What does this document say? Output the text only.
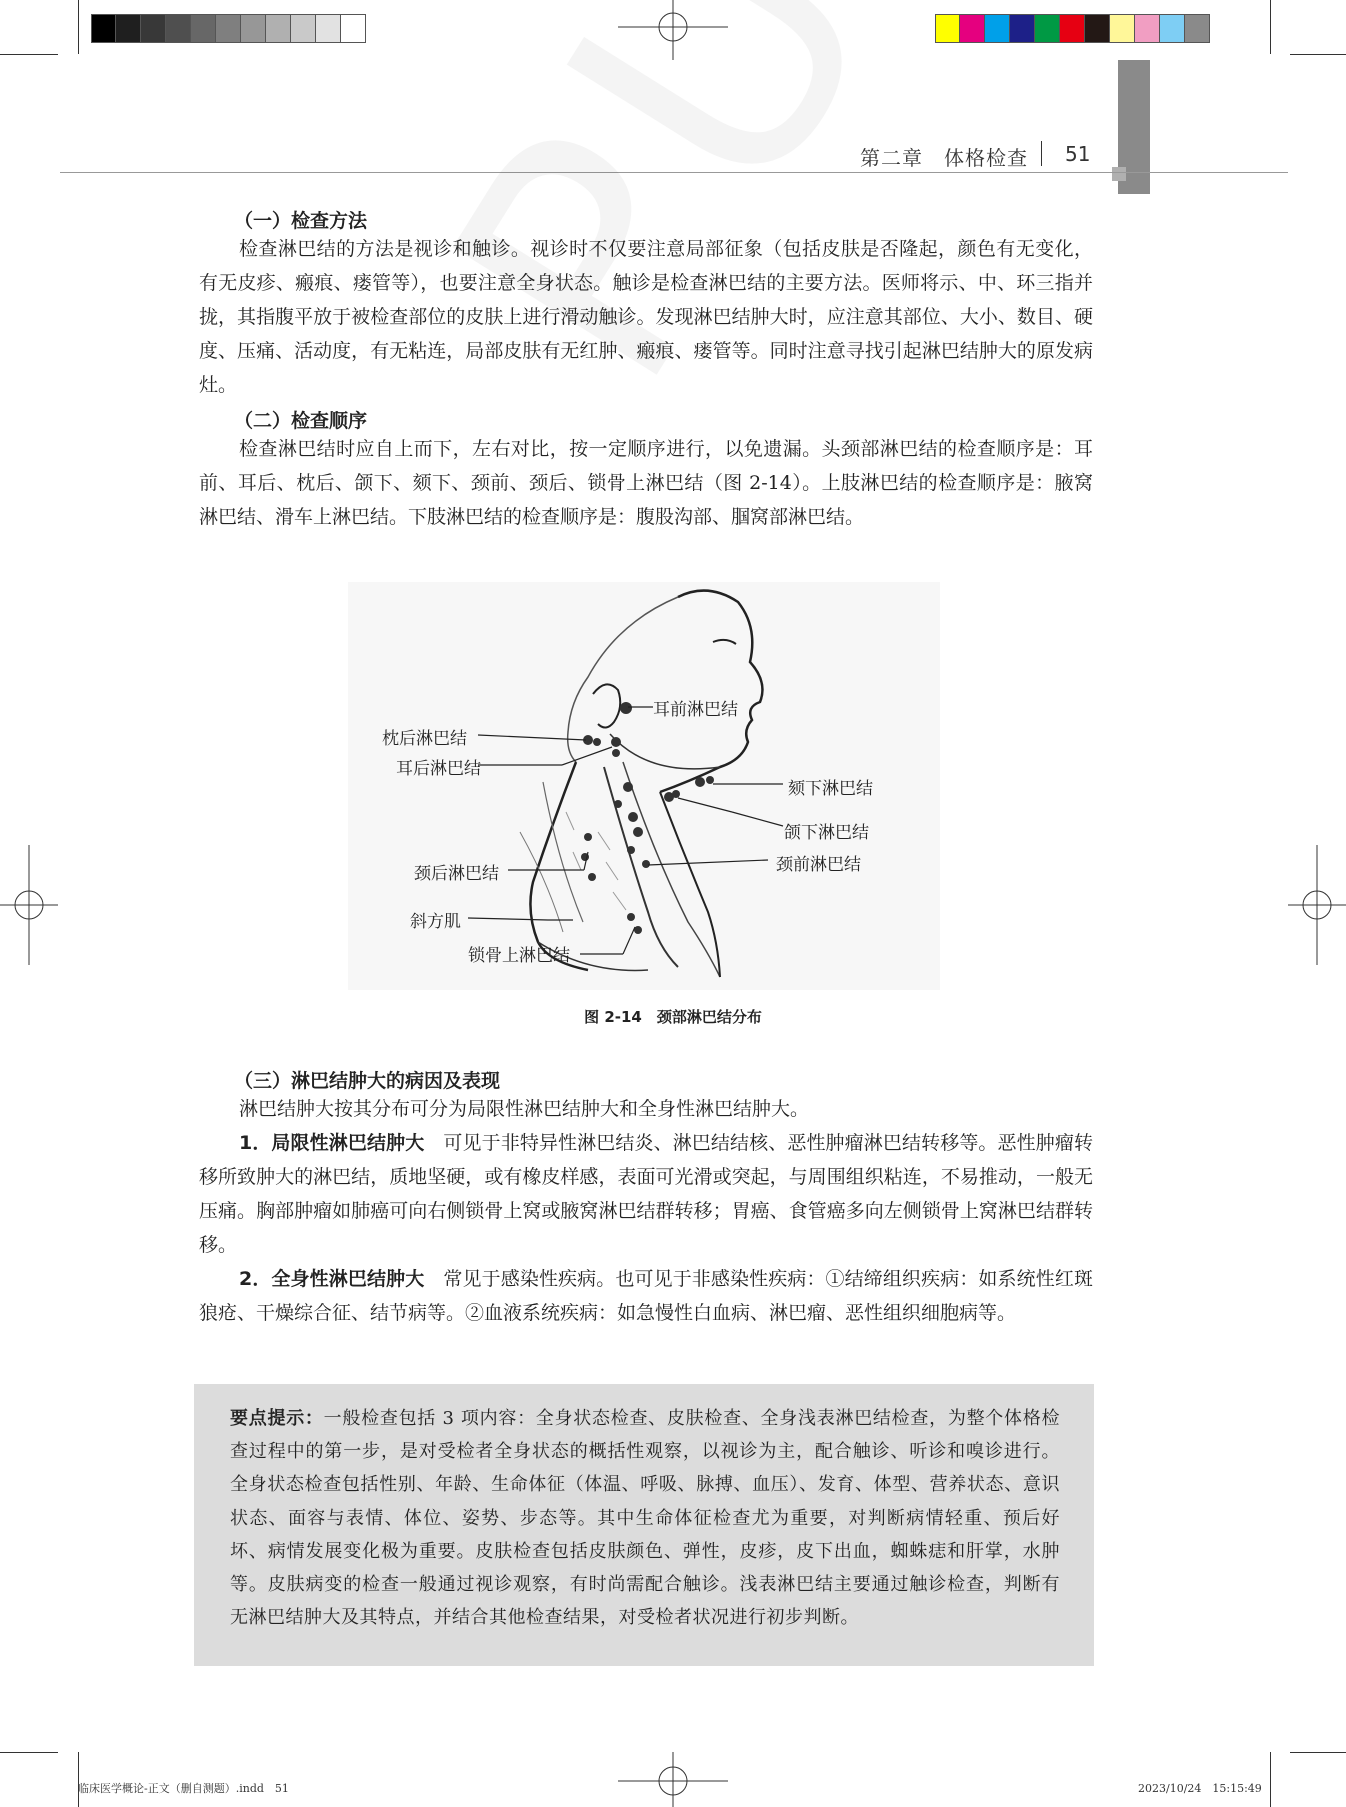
第二章　体格检查 51
（一）检查方法
检查淋巴结的方法是视诊和触诊。视诊时不仅要注意局部征象（包括皮肤是否隆起，颜色有无变化，有无皮疹、瘢痕、瘘管等），也要注意全身状态。触诊是检查淋巴结的主要方法。医师将示、中、环三指并拢，其指腹平放于被检查部位的皮肤上进行滑动触诊。发现淋巴结肿大时，应注意其部位、大小、数目、硬度、压痛、活动度，有无粘连，局部皮肤有无红肿、瘢痕、瘘管等。同时注意寻找引起淋巴结肿大的原发病灶。
（二）检查顺序
检查淋巴结时应自上而下，左右对比，按一定顺序进行，以免遗漏。头颈部淋巴结的检查顺序是：耳前、耳后、枕后、颌下、颏下、颈前、颈后、锁骨上淋巴结（图 2-14）。上肢淋巴结的检查顺序是：腋窝淋巴结、滑车上淋巴结。下肢淋巴结的检查顺序是：腹股沟部、腘窝部淋巴结。
耳前淋巴结
枕后淋巴结
耳后淋巴结
颏下淋巴结
颌下淋巴结
颈前淋巴结
颈后淋巴结
斜方肌
锁骨上淋巴结
图 2-14　颈部淋巴结分布
（三）淋巴结肿大的病因及表现
淋巴结肿大按其分布可分为局限性淋巴结肿大和全身性淋巴结肿大。
1．局限性淋巴结肿大　 可见于非特异性淋巴结炎、淋巴结结核、恶性肿瘤淋巴结转移等。恶性肿瘤转移所致肿大的淋巴结，质地坚硬，或有橡皮样感，表面可光滑或突起，与周围组织粘连，不易推动，一般无压痛。胸部肿瘤如肺癌可向右侧锁骨上窝或腋窝淋巴结群转移；胃癌、食管癌多向左侧锁骨上窝淋巴结群转移。
2．全身性淋巴结肿大　 常见于感染性疾病。也可见于非感染性疾病：①结缔组织疾病：如系统性红斑狼疮、干燥综合征、结节病等。②血液系统疾病：如急慢性白血病、淋巴瘤、恶性组织细胞病等。
要点提示：一般检查包括 3 项内容：全身状态检查、皮肤检查、全身浅表淋巴结检查，为整个体格检查过程中的第一步，是对受检者全身状态的概括性观察，以视诊为主，配合触诊、听诊和嗅诊进行。全身状态检查包括性别、年龄、生命体征（体温、呼吸、脉搏、血压）、发育、体型、营养状态、意识状态、面容与表情、体位、姿势、步态等。其中生命体征检查尤为重要，对判断病情轻重、预后好坏、病情发展变化极为重要。皮肤检查包括皮肤颜色、弹性，皮疹，皮下出血，蜘蛛痣和肝掌，水肿等。皮肤病变的检查一般通过视诊观察，有时尚需配合触诊。浅表淋巴结主要通过触诊检查，判断有无淋巴结肿大及其特点，并结合其他检查结果，对受检者状况进行初步判断。
临床医学概论-正文（删自测题）.indd　51	2023/10/24　15:15:49
